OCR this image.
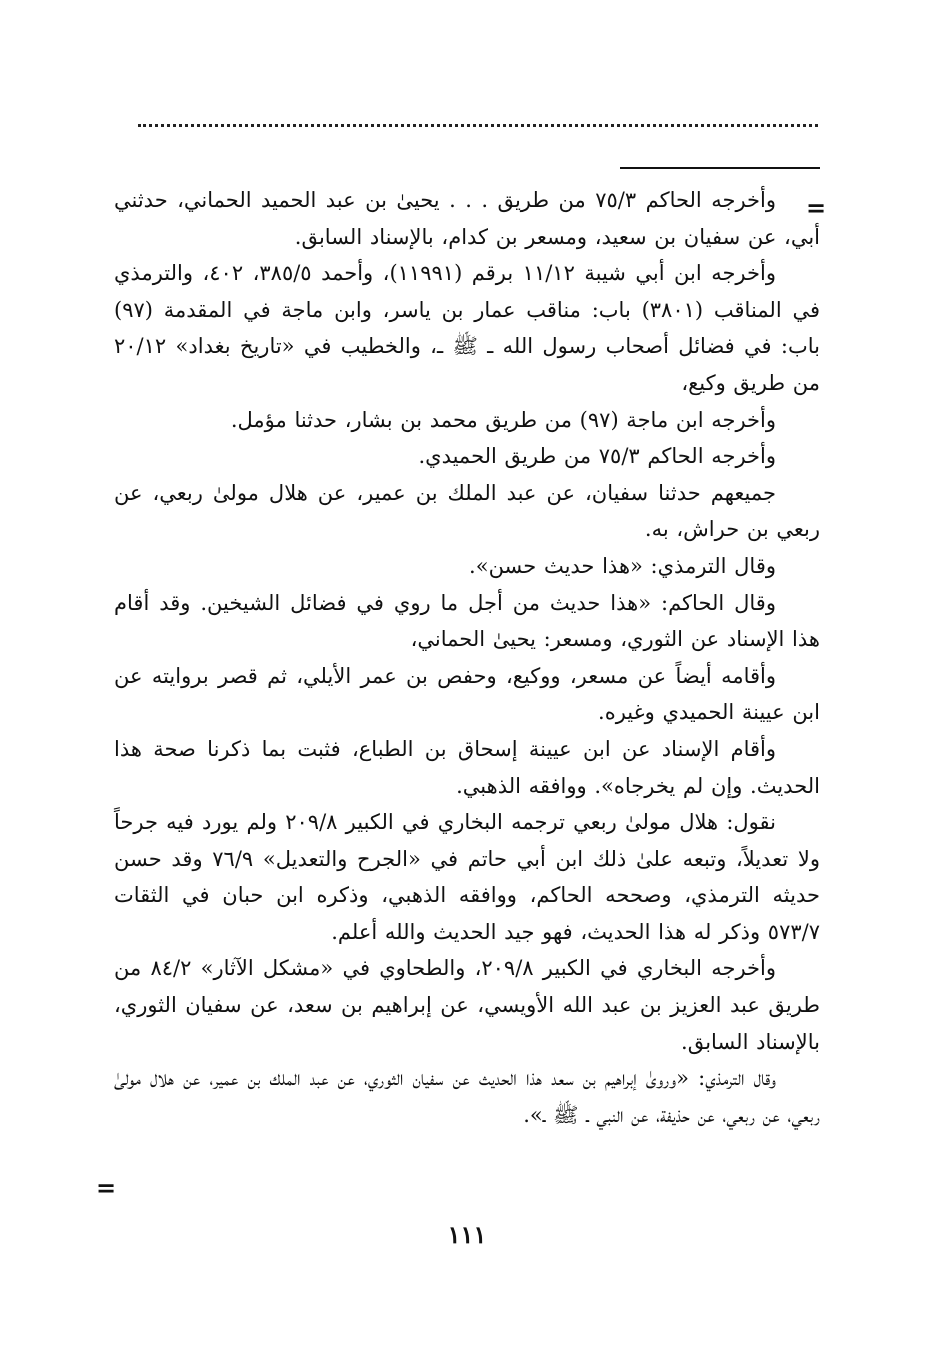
=

وأخرجه الحاكم ٧٥/٣ من طريق . . . يحيىٰ بن عبد الحميد الحماني، حدثني أبي، عن سفيان بن سعيد، ومسعر بن كدام، بالإسناد السابق.

وأخرجه ابن أبي شيبة ١١/١٢ برقم (١١٩٩١)، وأحمد ٣٨٥/٥، ٤٠٢، والترمذي في المناقب (٣٨٠١) باب: مناقب عمار بن ياسر، وابن ماجة في المقدمة (٩٧) باب: في فضائل أصحاب رسول الله ـ ﷺ ـ، والخطيب في «تاريخ بغداد» ٢٠/١٢ من طريق وكيع،

وأخرجه ابن ماجة (٩٧) من طريق محمد بن بشار، حدثنا مؤمل.

وأخرجه الحاكم ٧٥/٣ من طريق الحميدي.

جميعهم حدثنا سفيان، عن عبد الملك بن عمير، عن هلال مولىٰ ربعي، عن ربعي بن حراش، به.

وقال الترمذي: «هذا حديث حسن».

وقال الحاكم: «هذا حديث من أجل ما روي في فضائل الشيخين. وقد أقام هذا الإسناد عن الثوري، ومسعر: يحيىٰ الحماني،

وأقامه أيضاً عن مسعر، ووكيع، وحفص بن عمر الأيلي، ثم قصر بروايته عن ابن عيينة الحميدي وغيره.

وأقام الإسناد عن ابن عيينة إسحاق بن الطباع، فثبت بما ذكرنا صحة هذا الحديث. وإن لم يخرجاه». ووافقه الذهبي.

نقول: هلال مولىٰ ربعي ترجمه البخاري في الكبير ٢٠٩/٨ ولم يورد فيه جرحاً ولا تعديلاً، وتبعه علىٰ ذلك ابن أبي حاتم في «الجرح والتعديل» ٧٦/٩ وقد حسن حديثه الترمذي، وصححه الحاكم، ووافقه الذهبي، وذكره ابن حبان في الثقات ٥٧٣/٧ وذكر له هذا الحديث، فهو جيد الحديث والله أعلم.

وأخرجه البخاري في الكبير ٢٠٩/٨، والطحاوي في «مشكل الآثار» ٨٤/٢ من طريق عبد العزيز بن عبد الله الأويسي، عن إبراهيم بن سعد، عن سفيان الثوري، بالإسناد السابق.

وقال الترمذي: «وروىٰ إبراهيم بن سعد هذا الحديث عن سفيان الثوري، عن عبد الملك بن عمير، عن هلال مولىٰ ربعي، عن ربعي، عن حذيفة، عن النبي ـ ﷺ ـ».

=
١١١
